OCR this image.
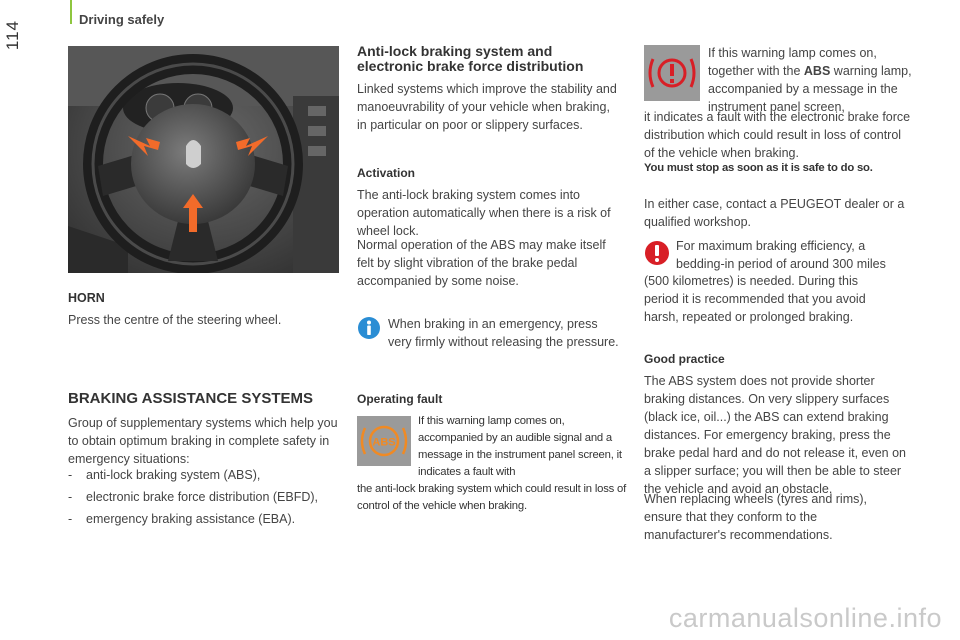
114
Driving safely
HORN
Press the centre of the steering wheel.
BRAKING ASSISTANCE SYSTEMS
Group of supplementary systems which help you to obtain optimum braking in complete safety in emergency situations:
- anti-lock braking system (ABS),
- electronic brake force distribution (EBFD),
- emergency braking assistance (EBA).
Anti-lock braking system and electronic brake force distribution
Linked systems which improve the stability and manoeuvrability of your vehicle when braking, in particular on poor or slippery surfaces.
Activation
The anti-lock braking system comes into operation automatically when there is a risk of wheel lock.
Normal operation of the ABS may make itself felt by slight vibration of the brake pedal accompanied by some noise.
When braking in an emergency, press very firmly without releasing the pressure.
Operating fault
ABS
If this warning lamp comes on, accompanied by an audible signal and a message in the instrument panel screen, it indicates a fault with
the anti-lock braking system which could result in loss of control of the vehicle when braking.
If this warning lamp comes on, together with the ABS warning lamp, accompanied by a message in the instrument panel screen,
it indicates a fault with the electronic brake force distribution which could result in loss of control of the vehicle when braking.
You must stop as soon as it is safe to do so.
In either case, contact a PEUGEOT dealer or a qualified workshop.
For maximum braking efficiency, a bedding-in period of around 300 miles
(500 kilometres) is needed. During this period it is recommended that you avoid harsh, repeated or prolonged braking.
Good practice
The ABS system does not provide shorter braking distances. On very slippery surfaces (black ice, oil...) the ABS can extend braking distances. For emergency braking, press the brake pedal hard and do not release it, even on a slipper surface; you will then be able to steer the vehicle and avoid an obstacle.
When replacing wheels (tyres and rims), ensure that they conform to the manufacturer's recommendations.
carmanualsonline.info
